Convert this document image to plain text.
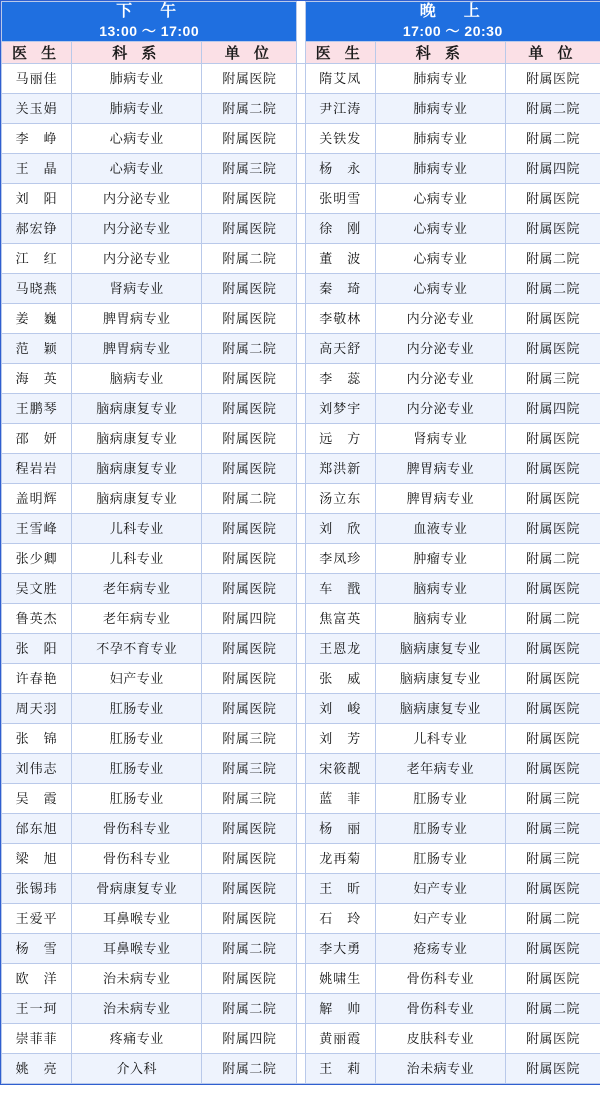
下　午
13:00 ～ 17:00

晚　上
17:00 ～ 20:30

医 生	科 系	单 位		医 生	科 系	单 位
马丽佳	肺病专业	附属医院		隋艾凤	肺病专业	附属医院
关玉娟	肺病专业	附属二院		尹江涛	肺病专业	附属二院
李　峥	心病专业	附属医院		关铁发	肺病专业	附属二院
王　晶	心病专业	附属三院		杨　永	肺病专业	附属四院
刘　阳	内分泌专业	附属医院		张明雪	心病专业	附属医院
郝宏铮	内分泌专业	附属医院		徐　刚	心病专业	附属医院
江　红	内分泌专业	附属二院		董　波	心病专业	附属二院
马晓燕	肾病专业	附属医院		秦　琦	心病专业	附属二院
姜　巍	脾胃病专业	附属医院		李敬林	内分泌专业	附属医院
范　颖	脾胃病专业	附属二院		高天舒	内分泌专业	附属医院
海　英	脑病专业	附属医院		李　蕊	内分泌专业	附属三院
王鹏琴	脑病康复专业	附属医院		刘梦宇	内分泌专业	附属四院
邵　妍	脑病康复专业	附属医院		远　方	肾病专业	附属医院
程岩岩	脑病康复专业	附属医院		郑洪新	脾胃病专业	附属医院
盖明辉	脑病康复专业	附属二院		汤立东	脾胃病专业	附属医院
王雪峰	儿科专业	附属医院		刘　欣	血液专业	附属医院
张少卿	儿科专业	附属医院		李凤珍	肿瘤专业	附属二院
吴文胜	老年病专业	附属医院		车　戬	脑病专业	附属医院
鲁英杰	老年病专业	附属四院		焦富英	脑病专业	附属二院
张　阳	不孕不育专业	附属医院		王恩龙	脑病康复专业	附属医院
许春艳	妇产专业	附属医院		张　威	脑病康复专业	附属医院
周天羽	肛肠专业	附属医院		刘　峻	脑病康复专业	附属医院
张　锦	肛肠专业	附属三院		刘　芳	儿科专业	附属医院
刘伟志	肛肠专业	附属三院		宋筱靓	老年病专业	附属医院
吴　霞	肛肠专业	附属三院		蓝　菲	肛肠专业	附属三院
邰东旭	骨伤科专业	附属医院		杨　丽	肛肠专业	附属三院
梁　旭	骨伤科专业	附属医院		龙再菊	肛肠专业	附属三院
张锡玮	骨病康复专业	附属医院		王　昕	妇产专业	附属医院
王爱平	耳鼻喉专业	附属医院		石　玲	妇产专业	附属二院
杨　雪	耳鼻喉专业	附属二院		李大勇	疮疡专业	附属医院
欧　洋	治未病专业	附属医院		姚啸生	骨伤科专业	附属医院
王一珂	治未病专业	附属二院		解　帅	骨伤科专业	附属二院
崇菲菲	疼痛专业	附属四院		黄丽霞	皮肤科专业	附属医院
姚　亮	介入科	附属二院		王　莉	治未病专业	附属医院
